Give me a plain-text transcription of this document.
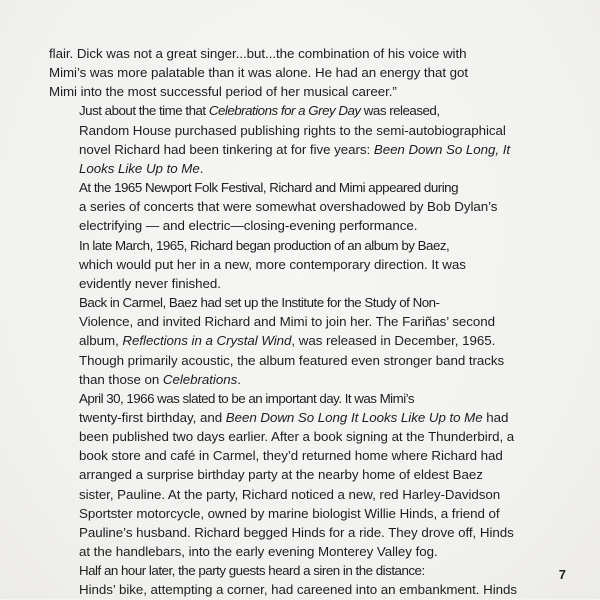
flair. Dick was not a great singer...but...the combination of his voice with
Mimi’s was more palatable than it was alone. He had an energy that got
Mimi into the most successful period of her musical career.”
Just about the time that Celebrations for a Grey Day was released,
Random House purchased publishing rights to the semi-autobiographical
novel Richard had been tinkering at for five years: Been Down So Long, It
Looks Like Up to Me.
At the 1965 Newport Folk Festival, Richard and Mimi appeared during
a series of concerts that were somewhat overshadowed by Bob Dylan’s
electrifying — and electric—closing-evening performance.
In late March, 1965, Richard began production of an album by Baez,
which would put her in a new, more contemporary direction. It was
evidently never finished.
Back in Carmel, Baez had set up the Institute for the Study of Non-
Violence, and invited Richard and Mimi to join her. The Fariñas’ second
album, Reflections in a Crystal Wind, was released in December, 1965.
Though primarily acoustic, the album featured even stronger band tracks
than those on Celebrations.
April 30, 1966 was slated to be an important day. It was Mimi’s
twenty-first birthday, and Been Down So Long It Looks Like Up to Me had
been published two days earlier. After a book signing at the Thunderbird, a
book store and café in Carmel, they’d returned home where Richard had
arranged a surprise birthday party at the nearby home of eldest Baez
sister, Pauline. At the party, Richard noticed a new, red Harley-Davidson
Sportster motorcycle, owned by marine biologist Willie Hinds, a friend of
Pauline’s husband. Richard begged Hinds for a ride. They drove off, Hinds
at the handlebars, into the early evening Monterey Valley fog.
Half an hour later, the party guests heard a siren in the distance:
Hinds’ bike, attempting a corner, had careened into an embankment. Hinds
7
